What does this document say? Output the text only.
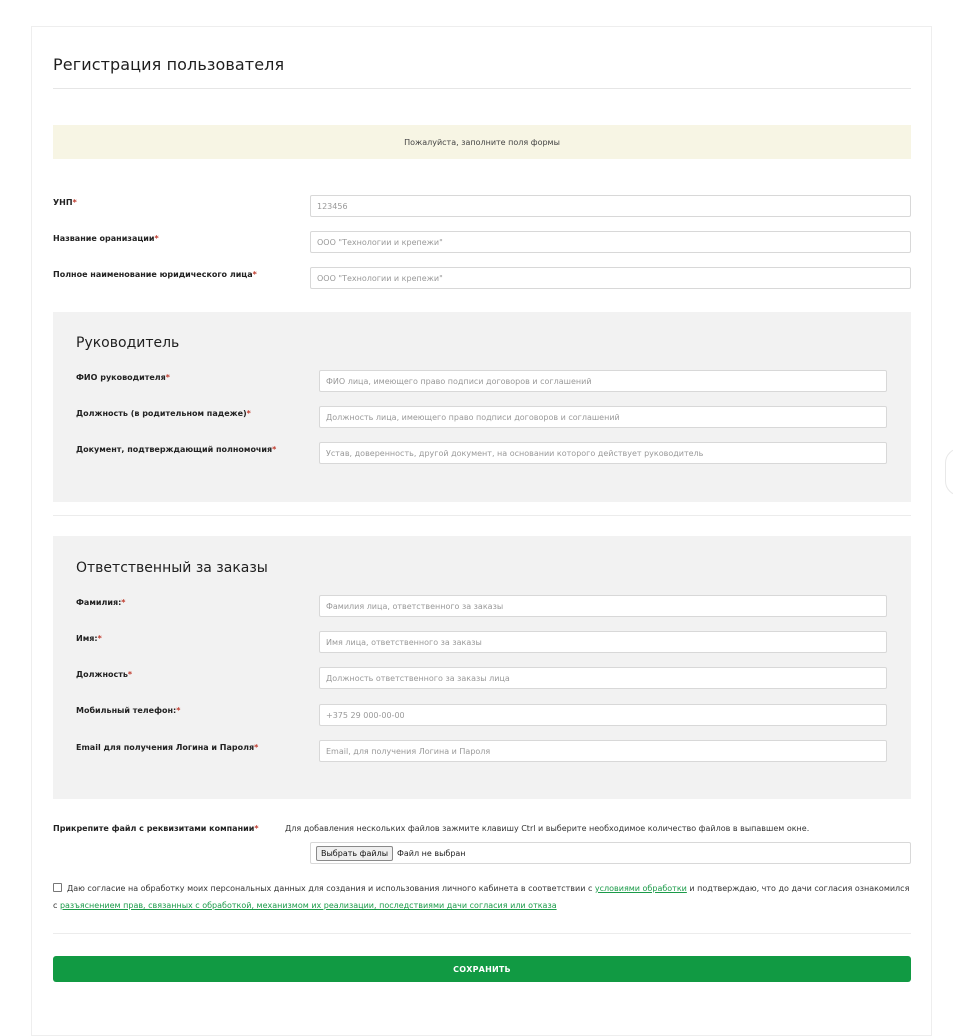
Регистрация пользователя
Пожалуйста, заполните поля формы
УНП*	123456
Название оранизации*	ООО "Технологии и крепежи"
Полное наименование юридического лица*	ООО "Технологии и крепежи"
Руководитель
ФИО руководителя*	ФИО лица, имеющего право подписи договоров и соглашений
Должность (в родительном падеже)*	Должность лица, имеющего право подписи договоров и соглашений
Документ, подтверждающий полномочия*	Устав, доверенность, другой документ, на основании которого действует руководитель
Ответственный за заказы
Фамилия:*	Фамилия лица, ответственного за заказы
Имя:*	Имя лица, ответственного за заказы
Должность*	Должность ответственного за заказы лица
Мобильный телефон:*	+375 29 000-00-00
Email для получения Логина и Пароля*	Email, для получения Логина и Пароля
Прикрепите файл с реквизитами компании*	Для добавления нескольких файлов зажмите клавишу Ctrl и выберите необходимое количество файлов в выпавшем окне.
Выбрать файлы	Файл не выбран
Даю согласие на обработку моих персональных данных для создания и использования личного кабинета в соответствии с условиями обработки и подтверждаю, что до дачи согласия ознакомился с разъяснением прав, связанных с обработкой, механизмом их реализации, последствиями дачи согласия или отказа
СОХРАНИТЬ
